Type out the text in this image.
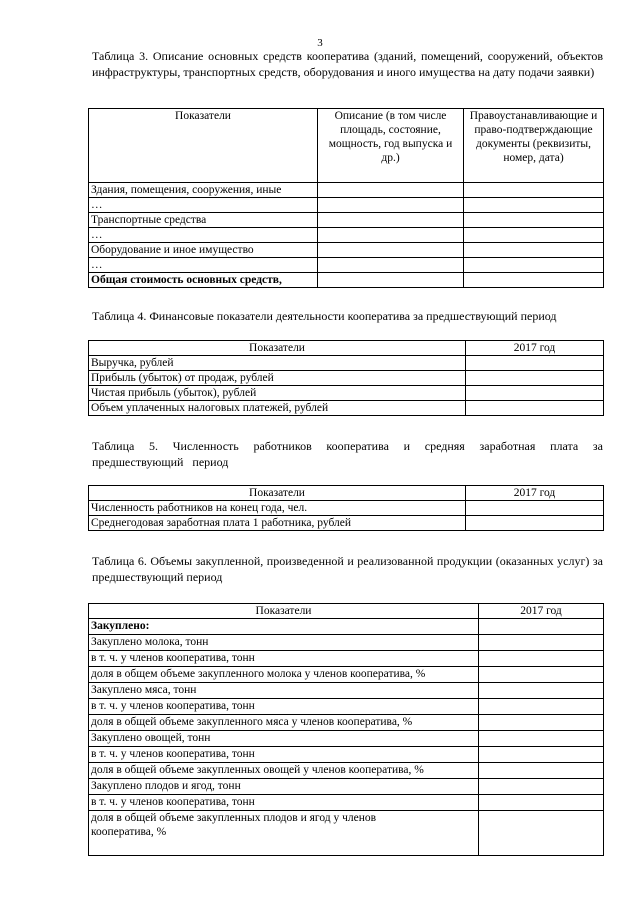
3
Таблица 3. Описание основных средств кооператива (зданий, помещений, сооружений, объектов инфраструктуры, транспортных средств, оборудования и иного имущества на дату подачи заявки)
Показатели	Описание (в том числе площадь, состояние, мощность, год выпуска и др.)	Правоустанавливающие и право-подтверждающие документы (реквизиты, номер, дата)
Здания, помещения, сооружения, иные		
…		
Транспортные средства		
…		
Оборудование и иное имущество		
…		
Общая стоимость основных средств,		
Таблица 4. Финансовые показатели деятельности кооператива за предшествующий период
Показатели	2017 год
Выручка, рублей	
Прибыль (убыток) от продаж, рублей	
Чистая прибыль (убыток), рублей	
Объем уплаченных налоговых платежей, рублей	
Таблица 5. Численность работников кооператива и средняя заработная плата за предшествующий период
Показатели	2017 год
Численность работников на конец года, чел.	
Среднегодовая заработная плата 1 работника, рублей	
Таблица 6. Объемы закупленной, произведенной и реализованной продукции (оказанных услуг) за предшествующий период
Показатели	2017 год
Закуплено:	
Закуплено молока, тонн	
в т. ч. у членов кооператива, тонн	
доля в общем объеме закупленного молока у членов кооператива, %	
Закуплено мяса, тонн	
в т. ч. у членов кооператива, тонн	
доля в общей объеме закупленного мяса у членов кооператива, %	
Закуплено овощей, тонн	
в т. ч. у членов кооператива, тонн	
доля в общей объеме закупленных овощей у членов кооператива, %	
Закуплено плодов и ягод, тонн	
в т. ч. у членов кооператива, тонн	
доля в общей объеме закупленных плодов и ягод у членов кооператива, %	
